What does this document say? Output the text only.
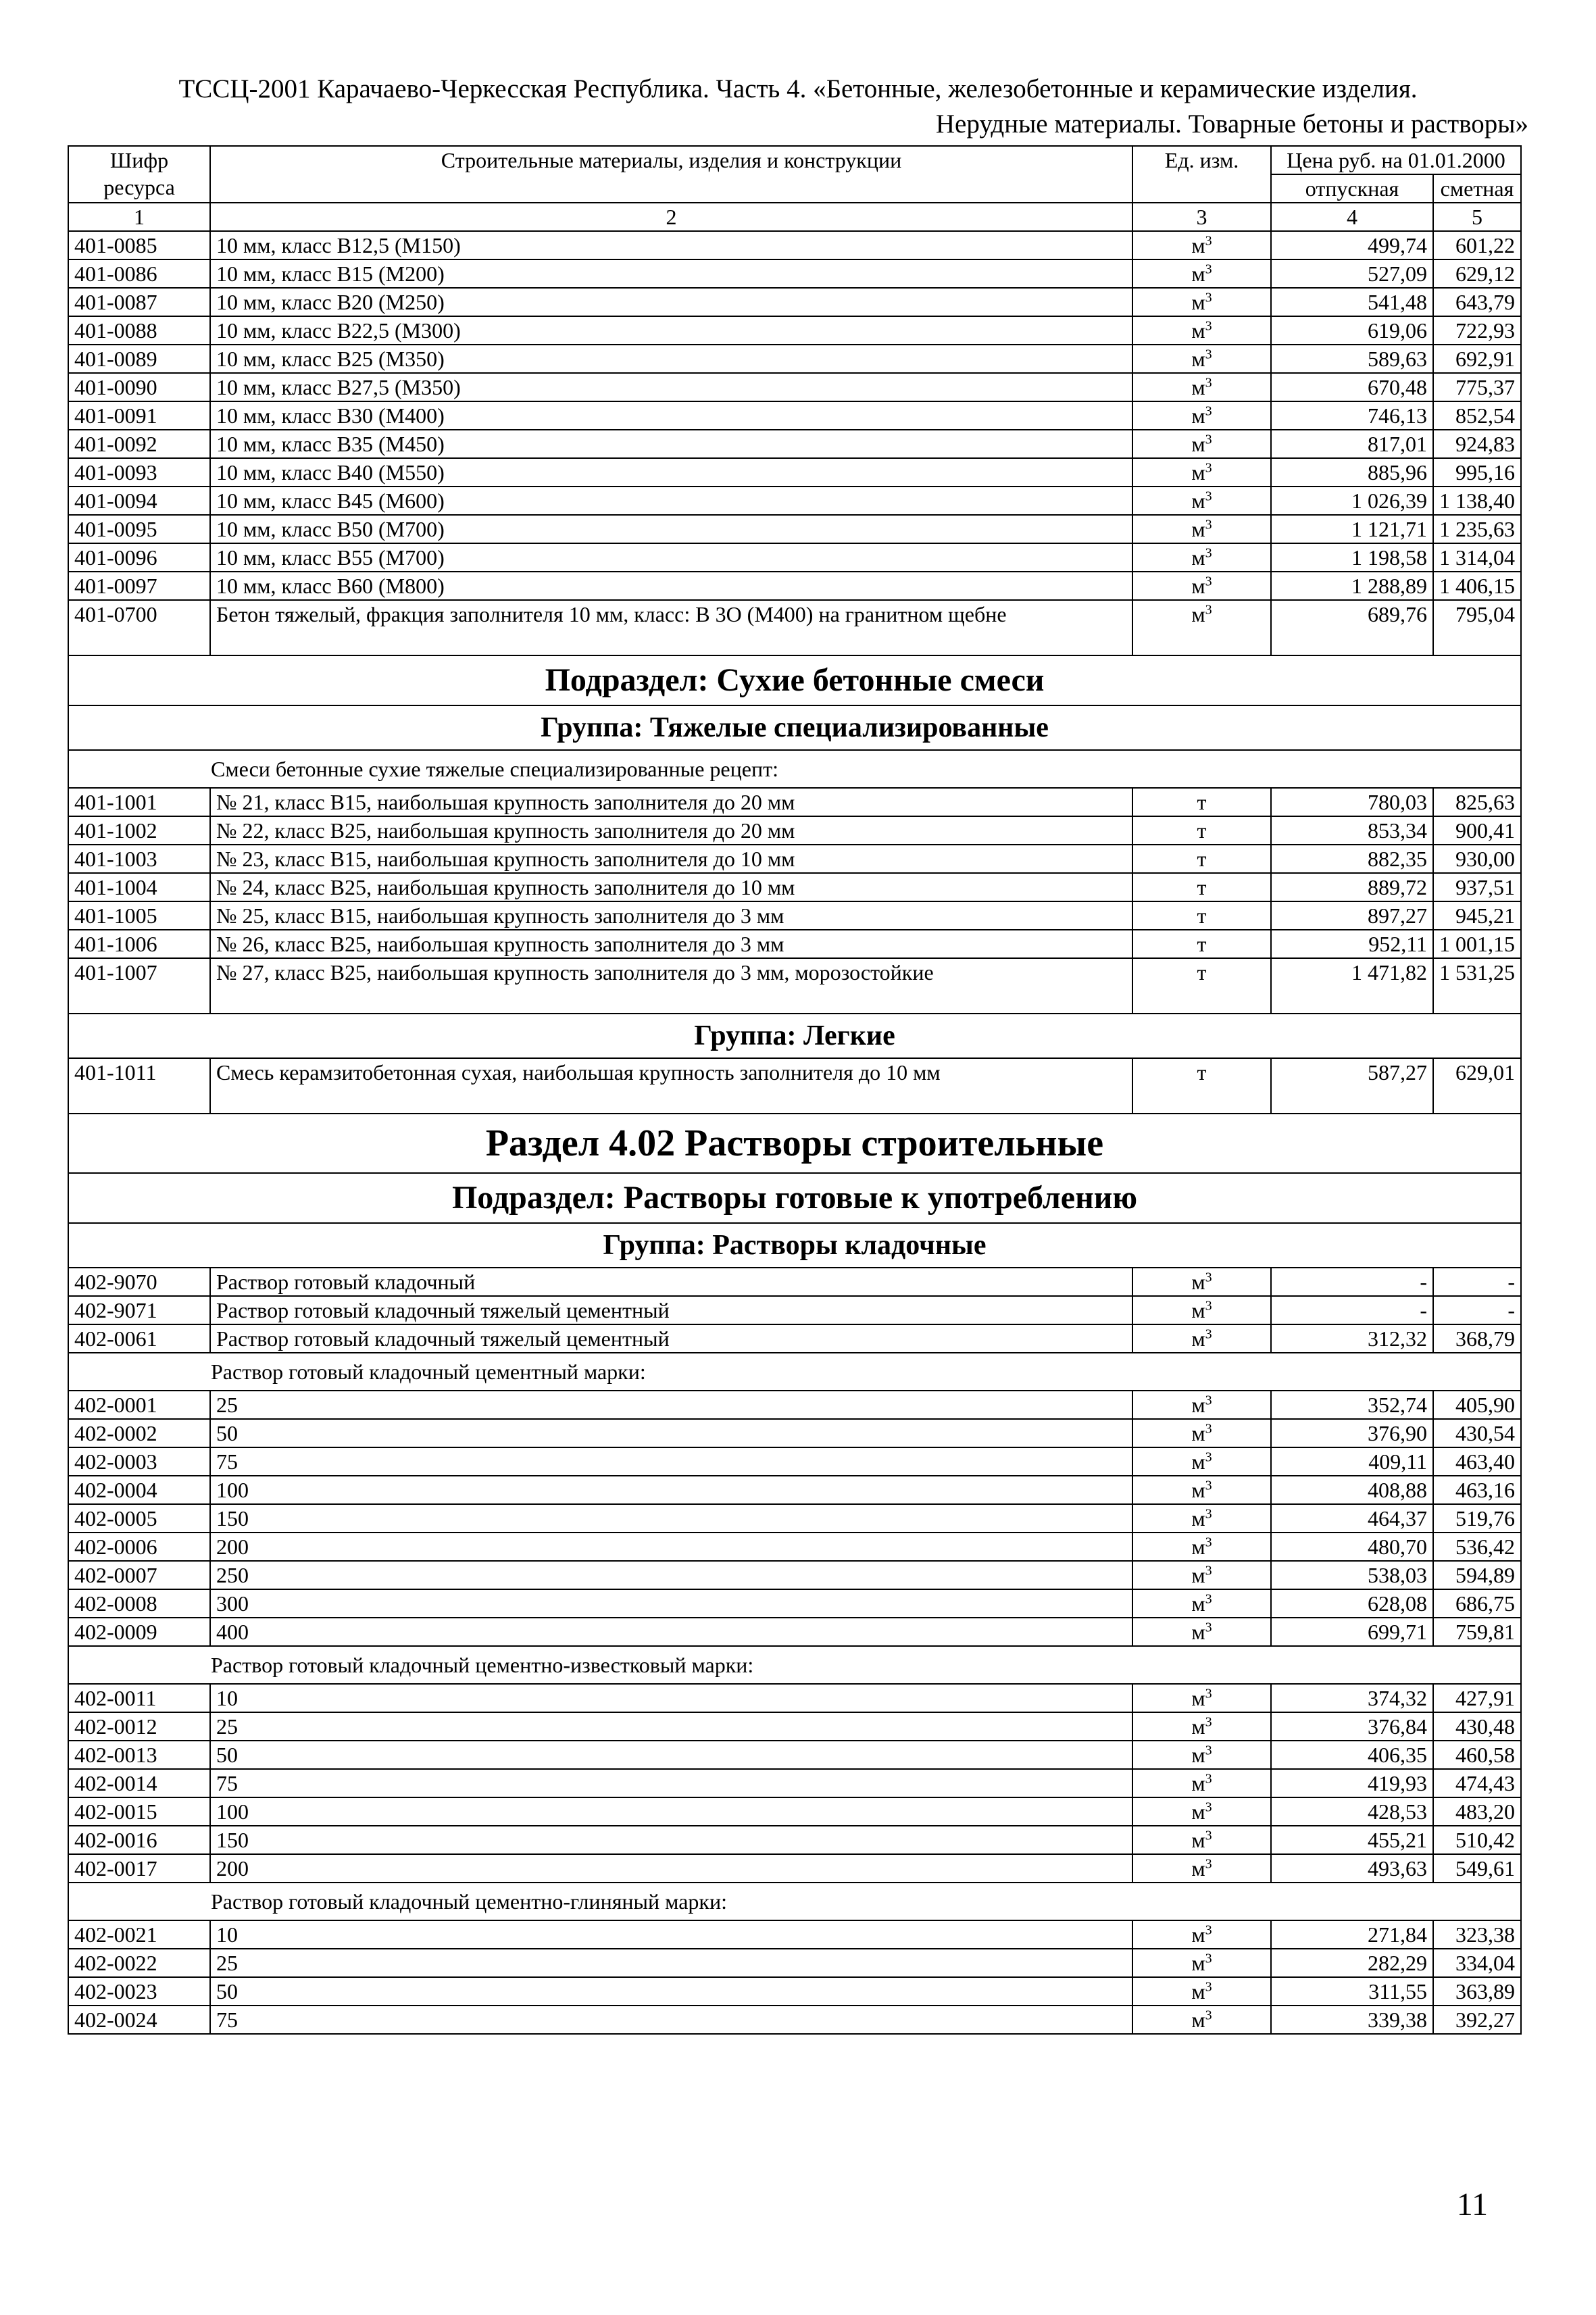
ТССЦ-2001 Карачаево-Черкесская Республика. Часть 4. «Бетонные, железобетонные и керамические изделия.
Нерудные материалы. Товарные бетоны и растворы»
Шифр ресурса	Строительные материалы, изделия и конструкции	Ед. изм.	Цена руб. на 01.01.2000	
			отпускная	сметная
1	2	3	4	5
401-0085	10 мм, класс В12,5 (М150)	$м^3$	499,74	601,22
401-0086	10 мм, класс В15 (М200)	$м^3$	527,09	629,12
401-0087	10 мм, класс В20 (М250)	$м^3$	541,48	643,79
401-0088	10 мм, класс В22,5 (М300)	$м^3$	619,06	722,93
401-0089	10 мм, класс В25 (М350)	$м^3$	589,63	692,91
401-0090	10 мм, класс В27,5 (М350)	$м^3$	670,48	775,37
401-0091	10 мм, класс В30 (М400)	$м^3$	746,13	852,54
401-0092	10 мм, класс В35 (М450)	$м^3$	817,01	924,83
401-0093	10 мм, класс В40 (М550)	$м^3$	885,96	995,16
401-0094	10 мм, класс В45 (М600)	$м^3$	1 026,39	1 138,40
401-0095	10 мм, класс В50 (М700)	$м^3$	1 121,71	1 235,63
401-0096	10 мм, класс В55 (М700)	$м^3$	1 198,58	1 314,04
401-0097	10 мм, класс В60 (М800)	$м^3$	1 288,89	1 406,15
401-0700	Бетон тяжелый, фракция заполнителя 10 мм, класс: В 3О (М400) на гранитном щебне	$м^3$	689,76	795,04
Подраздел: Сухие бетонные смеси				
Группа: Тяжелые специализированные				
Смеси бетонные сухие тяжелые специализированные рецепт:				
401-1001	№ 21, класс В15, наибольшая крупность заполнителя до 20 мм	т	780,03	825,63
401-1002	№ 22, класс В25, наибольшая крупность заполнителя до 20 мм	т	853,34	900,41
401-1003	№ 23, класс В15, наибольшая крупность заполнителя до 10 мм	т	882,35	930,00
401-1004	№ 24, класс В25, наибольшая крупность заполнителя до 10 мм	т	889,72	937,51
401-1005	№ 25, класс В15, наибольшая крупность заполнителя до 3 мм	т	897,27	945,21
401-1006	№ 26, класс В25, наибольшая крупность заполнителя до 3 мм	т	952,11	1 001,15
401-1007	№ 27, класс В25, наибольшая крупность заполнителя до 3 мм, морозостойкие	т	1 471,82	1 531,25
Группа: Легкие				
401-1011	Смесь керамзитобетонная сухая, наибольшая крупность заполнителя до 10 мм	т	587,27	629,01
Раздел 4.02 Растворы строительные				
Подраздел: Растворы готовые к употреблению				
Группа: Растворы кладочные				
402-9070	Раствор готовый кладочный	$м^3$	-	-
402-9071	Раствор готовый кладочный тяжелый цементный	$м^3$	-	-
402-0061	Раствор готовый кладочный тяжелый цементный	$м^3$	312,32	368,79
Раствор готовый кладочный цементный марки:				
402-0001	25	$м^3$	352,74	405,90
402-0002	50	$м^3$	376,90	430,54
402-0003	75	$м^3$	409,11	463,40
402-0004	100	$м^3$	408,88	463,16
402-0005	150	$м^3$	464,37	519,76
402-0006	200	$м^3$	480,70	536,42
402-0007	250	$м^3$	538,03	594,89
402-0008	300	$м^3$	628,08	686,75
402-0009	400	$м^3$	699,71	759,81
Раствор готовый кладочный цементно-известковый марки:				
402-0011	10	$м^3$	374,32	427,91
402-0012	25	$м^3$	376,84	430,48
402-0013	50	$м^3$	406,35	460,58
402-0014	75	$м^3$	419,93	474,43
402-0015	100	$м^3$	428,53	483,20
402-0016	150	$м^3$	455,21	510,42
402-0017	200	$м^3$	493,63	549,61
Раствор готовый кладочный цементно-глиняный марки:				
402-0021	10	$м^3$	271,84	323,38
402-0022	25	$м^3$	282,29	334,04
402-0023	50	$м^3$	311,55	363,89
402-0024	75	$м^3$	339,38	392,27
11
